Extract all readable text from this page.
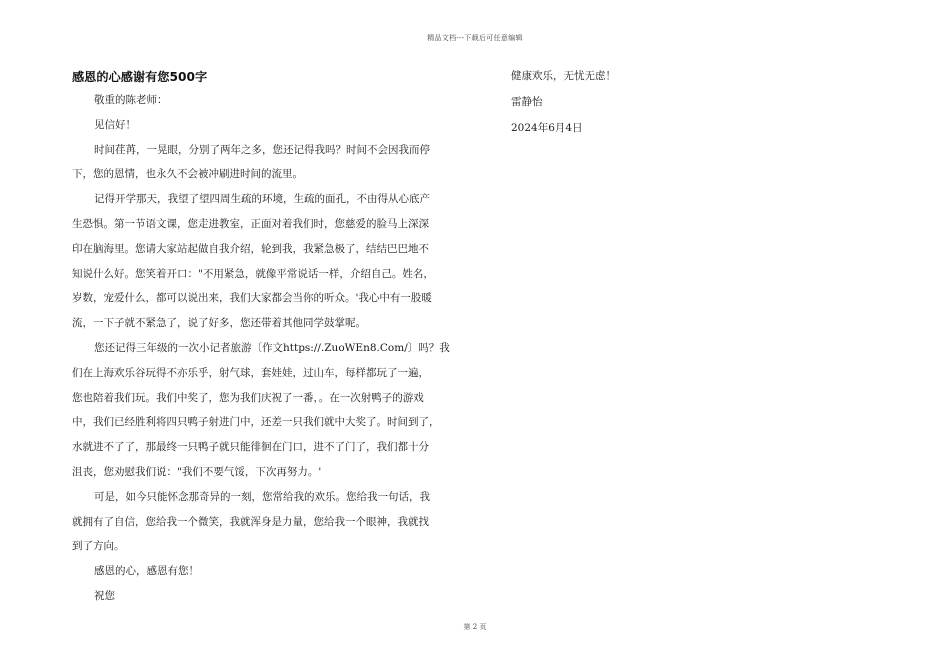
精品文档---下载后可任意编辑
感恩的心感谢有您500字

敬重的陈老师：

见信好！

时间荏苒，一晃眼，分别了两年之多，您还记得我吗？时间不会因我而停
下，您的恩情，也永久不会被冲刷进时间的流里。

记得开学那天，我望了望四周生疏的环境，生疏的面孔，不由得从心底产
生恐惧。第一节语文课，您走进教室，正面对着我们时，您慈爱的脸马上深深
印在脑海里。您请大家站起做自我介绍，轮到我，我紧急极了，结结巴巴地不
知说什么好。您笑着开口："不用紧急，就像平常说话一样，介绍自己。姓名，
岁数，宠爱什么，都可以说出来，我们大家都会当你的听众。'我心中有一股暖
流，一下子就不紧急了，说了好多，您还带着其他同学鼓掌呢。

您还记得三年级的一次小记者旅游〔作文https://.ZuoWEn8.Com/〕吗？我
们在上海欢乐谷玩得不亦乐乎，射气球，套娃娃，过山车，每样都玩了一遍，
您也陪着我们玩。我们中奖了，您为我们庆祝了一番，。在一次射鸭子的游戏
中，我们已经胜利将四只鸭子射进门中，还差一只我们就中大奖了。时间到了，
水就进不了了，那最终一只鸭子就只能徘徊在门口，进不了门了，我们都十分
沮丧，您劝慰我们说："我们不要气馁，下次再努力。'

可是，如今只能怀念那奇异的一刻，您常给我的欢乐。您给我一句话，我
就拥有了自信，您给我一个微笑，我就浑身是力量，您给我一个眼神，我就找
到了方向。

感恩的心，感恩有您！

祝您

健康欢乐，无忧无虑！

雷静怡

2024年6月4日

第 2 页
